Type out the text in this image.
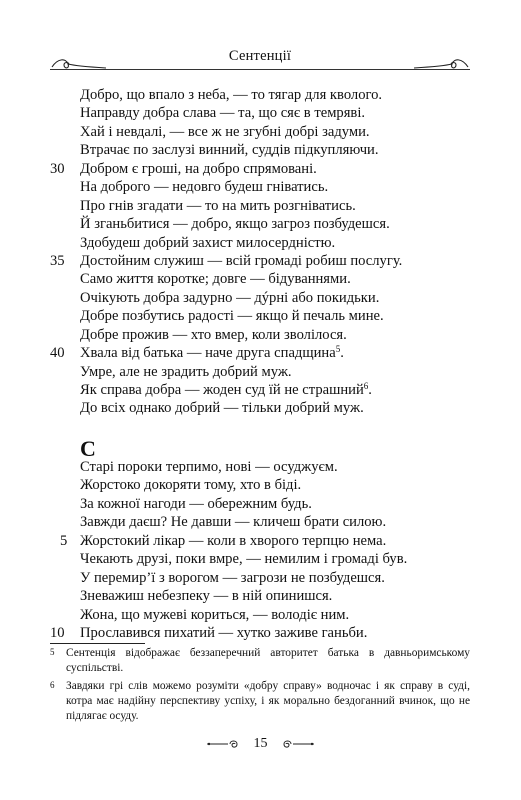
Сентенції
Добро, що впало з неба, — то тягар для кволого.
Направду добра слава — та, що сяє в темряві.
Хай і невдалі, — все ж не згубні добрі задуми.
Втрачає по заслузі винний, суддів підкупляючи.
30	Добром є гроші, на добро спрямовані.
На доброго — недовго будеш гніватись.
Про гнів згадати — то на мить розгніватись.
Й зганьбитися — добро, якщо загроз позбудешся.
Здобудеш добрий захист милосердністю.
35	Достойним служиш — всій громаді робиш послугу.
Само життя коротке; довге — бідуваннями.
Очікують добра задурно — дýрні або покидьки.
Добре позбутись радості — якщо й печаль мине.
Добре прожив — хто вмер, коли зволілося.
40	Хвала від батька — наче друга спадщина$^5$.
Умре, але не зрадить добрий муж.
Як справа добра — жоден суд їй не страшний$^6$.
До всіх однако добрий — тільки добрий муж.
С
Старі пороки терпимо, нові — осуджуєм.
Жорстоко докоряти тому, хто в біді.
За кожної нагоди — обережним будь.
Завжди даєш? Не давши — кличеш брати силою.
5 Жорстокий лікар — коли в хворого терпцю нема.
Чекають друзі, поки вмре, — немилим і громаді був.
У перемир’ї з ворогом — загрози не позбудешся.
Зневажиш небезпеку — в ній опинишся.
Жона, що мужеві кориться, — володіє ним.
10	Прославився пихатий — хутко заживе ганьби.
5 Сентенція відображає беззаперечний авторитет батька в давньоримському суспільстві.
6 Завдяки грі слів можемо розуміти «добру справу» водночас і як справу в суді, котра має надійну перспективу успіху, і як морально бездоганний вчинок, що не підлягає осуду.
15
